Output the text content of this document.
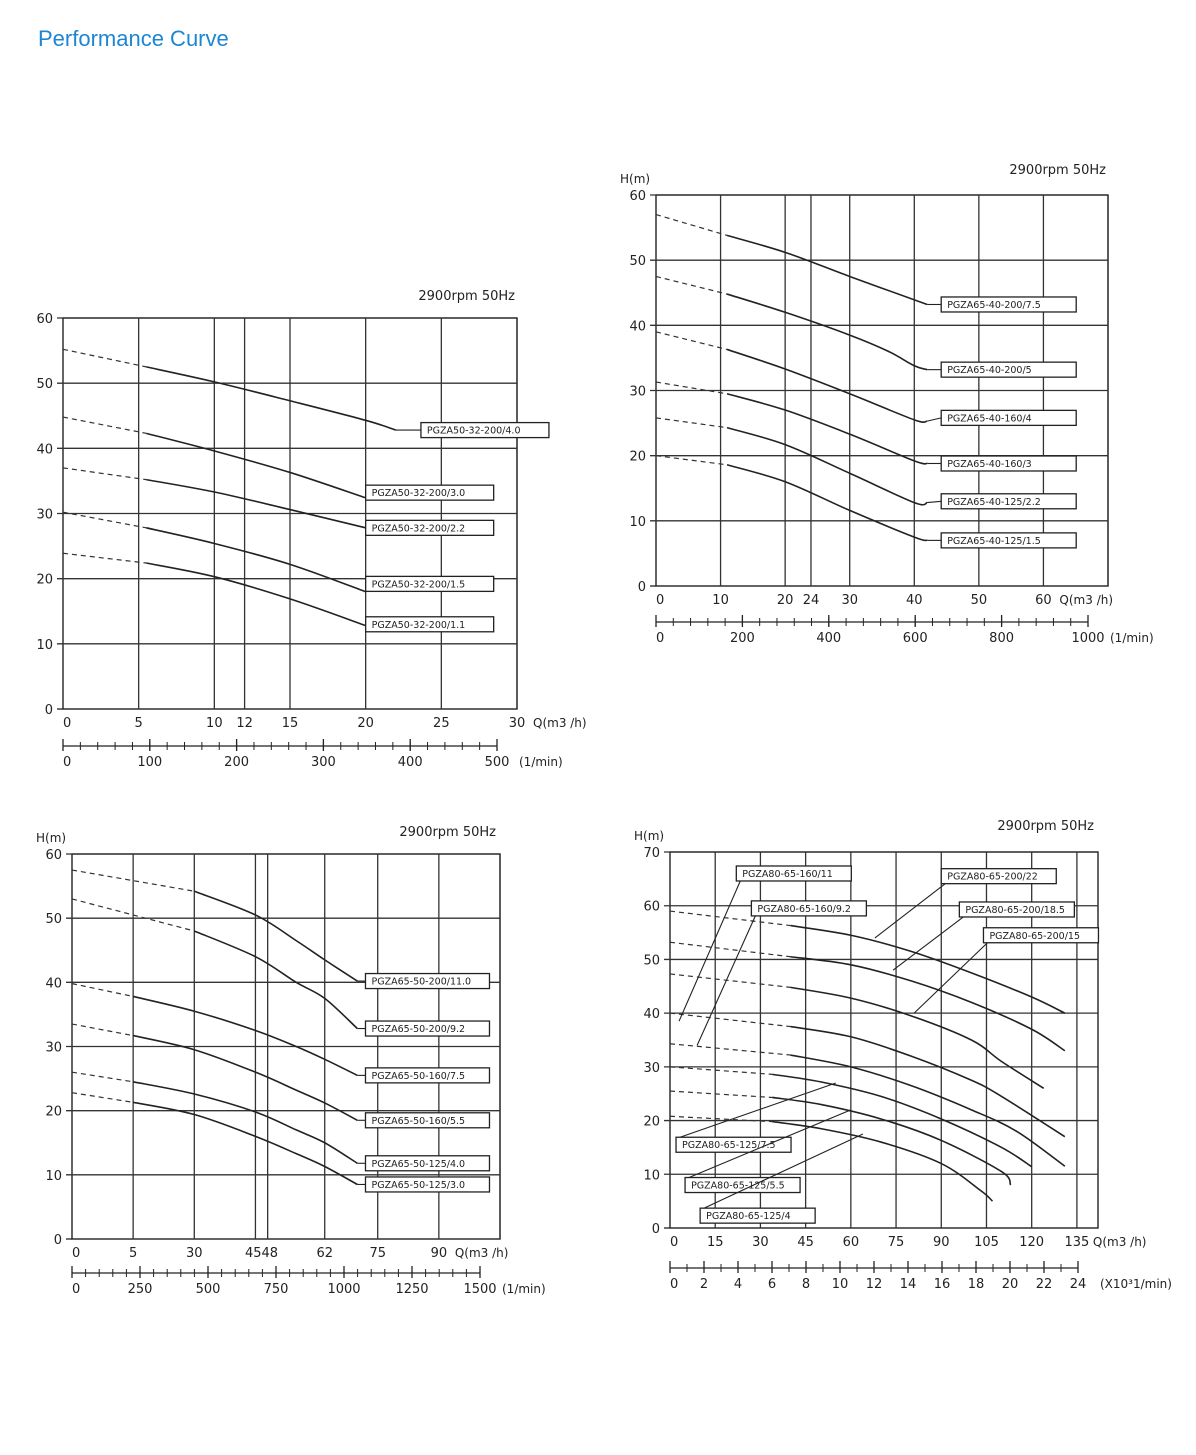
Performance Curve
2900rpm 50Hz
0
10
20
30
40
50
60
0	5	10 12 15	20	25	30 Q(m3 /h)
0	100	200	300	400	500 (1/min)
PGZA50-32-200/4.0
PGZA50-32-200/3.0
PGZA50-32-200/2.2
PGZA50-32-200/1.5
PGZA50-32-200/1.1
2900rpm 50Hz
H(m)
0
10
20
30
40
50
60
0	10	20 24 30	40	50	60 Q(m3 /h)
0	200	400	600	800	1000 (1/min)
PGZA65-40-200/7.5
PGZA65-40-200/5
PGZA65-40-160/4
PGZA65-40-160/3
PGZA65-40-125/2.2
PGZA65-40-125/1.5
2900rpm 50Hz
H(m)
0
10
20
30
40
50
60
0	5	30	4548	62	75	90 Q(m3 /h)
0	250	500	750	1000	1250	1500 (1/min)
PGZA65-50-200/11.0
PGZA65-50-200/9.2
PGZA65-50-160/7.5
PGZA65-50-160/5.5
PGZA65-50-125/4.0
PGZA65-50-125/3.0
2900rpm 50Hz
H(m)
0
10
20
30
40
50
60
70
0 15 30 45 60 75 90 105 120 135 Q(m3 /h)
0 2 4 6 8 10 12 14 16 18 20 22 24 (X10³1/min)
PGZA80-65-200/22
PGZA80-65-200/18.5
PGZA80-65-200/15
PGZA80-65-160/11
PGZA80-65-160/9.2
PGZA80-65-125/7.5
PGZA80-65-125/5.5
PGZA80-65-125/4
